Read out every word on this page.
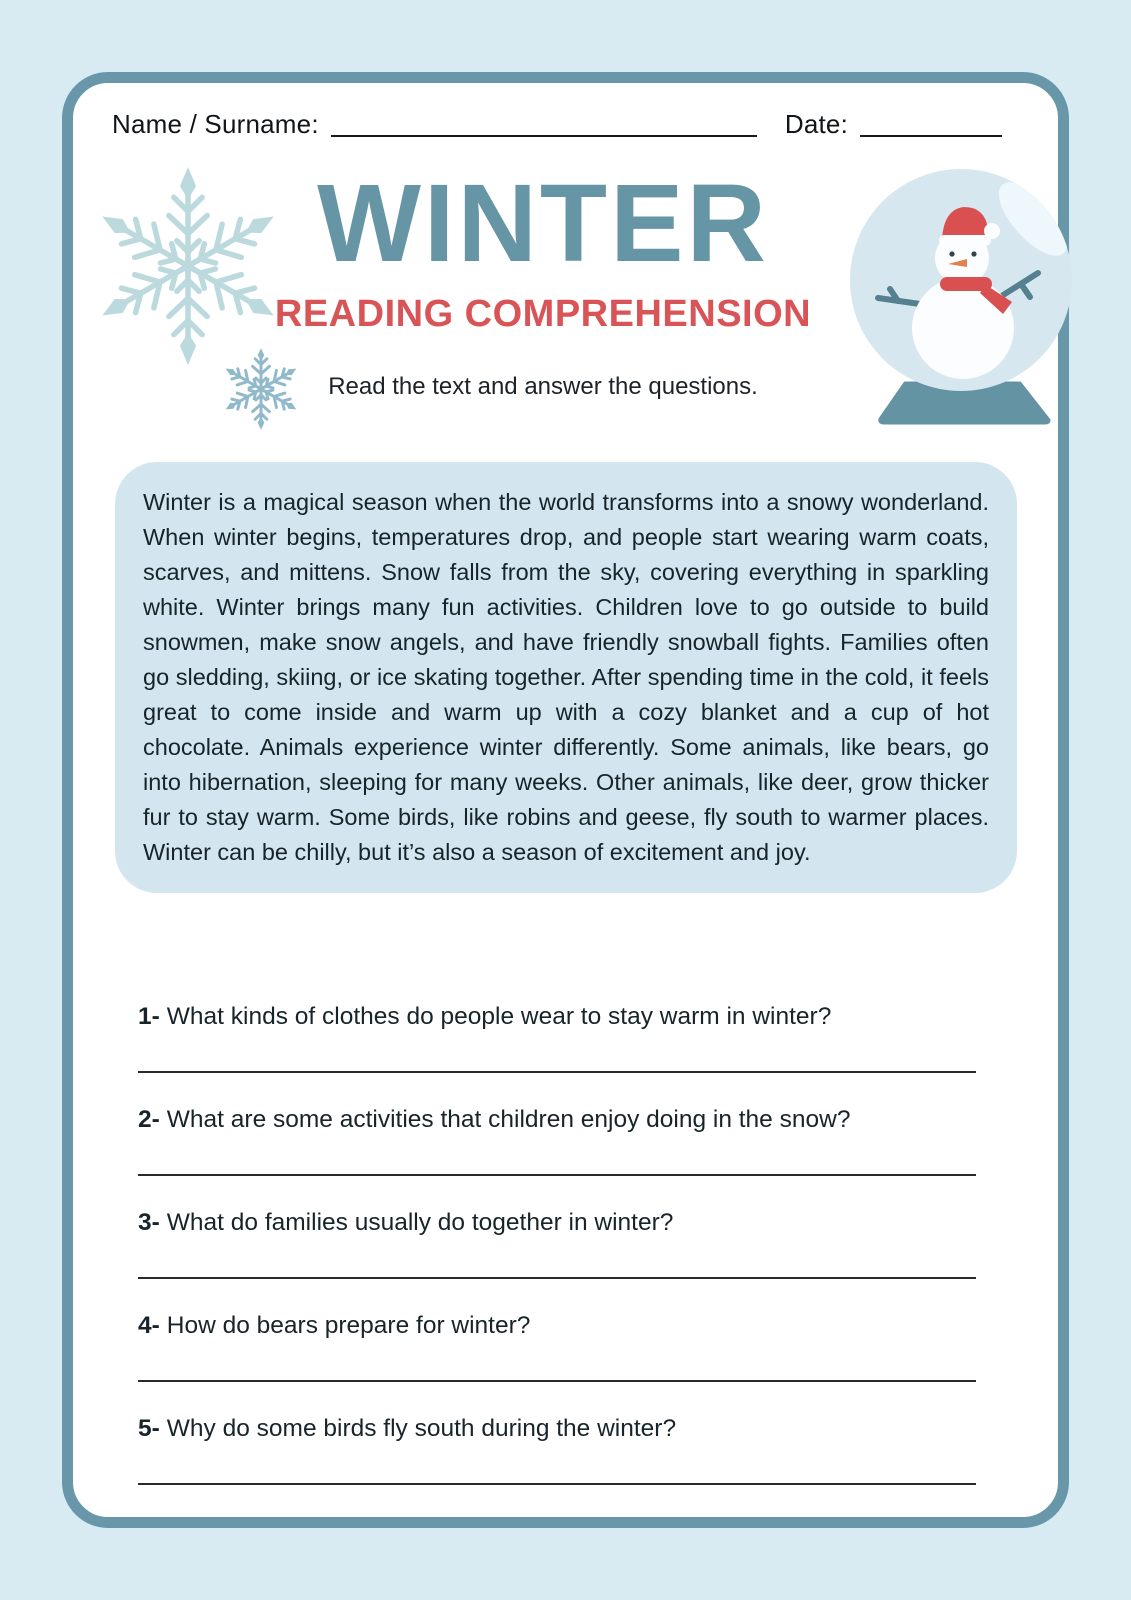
Name / Surname:	Date:
WINTER
READING COMPREHENSION

Read the text and answer the questions.

Winter is a magical season when the world transforms into a snowy wonderland. When winter begins, temperatures drop, and people start wearing warm coats, scarves, and mittens. Snow falls from the sky, covering everything in sparkling white. Winter brings many fun activities. Children love to go outside to build snowmen, make snow angels, and have friendly snowball fights. Families often go sledding, skiing, or ice skating together. After spending time in the cold, it feels great to come inside and warm up with a cozy blanket and a cup of hot chocolate. Animals experience winter differently. Some animals, like bears, go into hibernation, sleeping for many weeks. Other animals, like deer, grow thicker fur to stay warm. Some birds, like robins and geese, fly south to warmer places. Winter can be chilly, but it’s also a season of excitement and joy.

1- What kinds of clothes do people wear to stay warm in winter?

2- What are some activities that children enjoy doing in the snow?

3- What do families usually do together in winter?

4- How do bears prepare for winter?

5- Why do some birds fly south during the winter?
